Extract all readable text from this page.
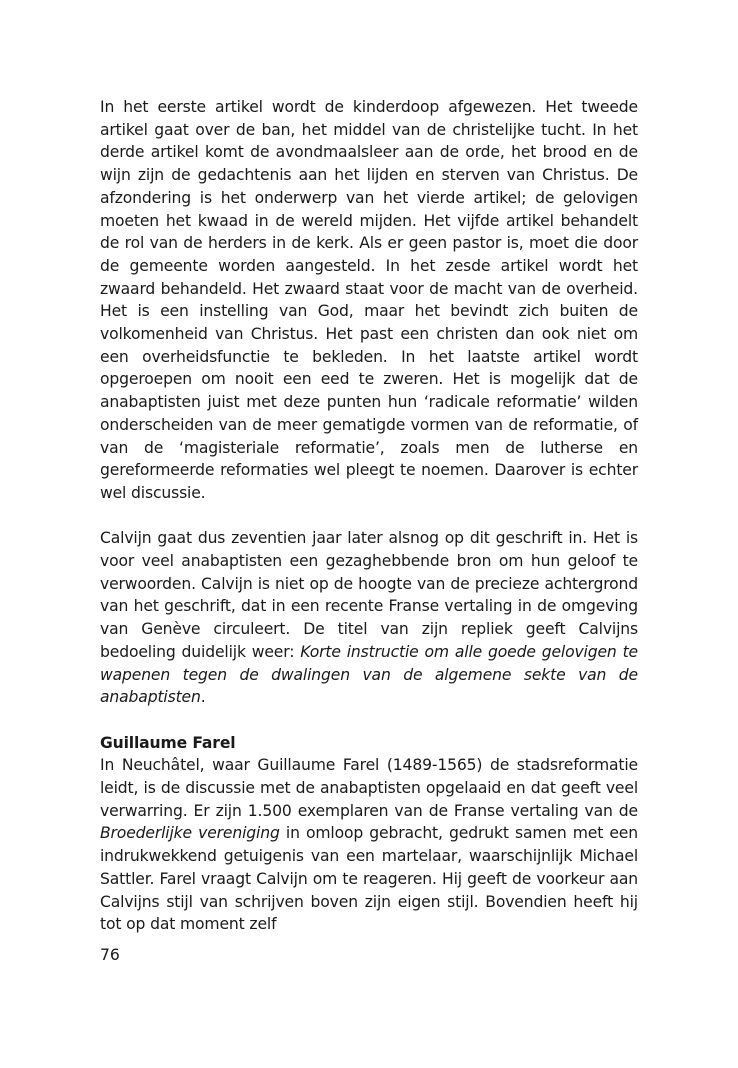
In het eerste artikel wordt de kinderdoop afgewezen. Het tweede artikel gaat over de ban, het middel van de christelijke tucht. In het derde artikel komt de avondmaalsleer aan de orde, het brood en de wijn zijn de gedachtenis aan het lijden en sterven van Christus. De afzondering is het onderwerp van het vierde artikel; de gelovigen moeten het kwaad in de wereld mijden. Het vijfde artikel behandelt de rol van de herders in de kerk. Als er geen pastor is, moet die door de gemeente worden aangesteld. In het zesde artikel wordt het zwaard behandeld. Het zwaard staat voor de macht van de overheid. Het is een instelling van God, maar het bevindt zich buiten de volkomenheid van Christus. Het past een christen dan ook niet om een overheidsfunctie te bekleden. In het laatste artikel wordt opgeroepen om nooit een eed te zweren. Het is mogelijk dat de anabaptisten juist met deze punten hun ‘radicale reformatie’ wilden onderscheiden van de meer gematigde vormen van de reformatie, of van de ‘magisteriale reformatie’, zoals men de lutherse en gereformeerde reformaties wel pleegt te noemen. Daarover is echter wel discussie.

Calvijn gaat dus zeventien jaar later alsnog op dit geschrift in. Het is voor veel anabaptisten een gezaghebbende bron om hun geloof te verwoorden. Calvijn is niet op de hoogte van de precieze achtergrond van het geschrift, dat in een recente Franse vertaling in de omgeving van Genève circuleert. De titel van zijn repliek geeft Calvijns bedoeling duidelijk weer: Korte instructie om alle goede gelovigen te wapenen tegen de dwalingen van de algemene sekte van de anabaptisten.

Guillaume Farel

In Neuchâtel, waar Guillaume Farel (1489-1565) de stadsreformatie leidt, is de discussie met de anabaptisten opgelaaid en dat geeft veel verwarring. Er zijn 1.500 exemplaren van de Franse vertaling van de Broederlijke vereniging in omloop gebracht, gedrukt samen met een indrukwekkend getuigenis van een martelaar, waarschijnlijk Michael Sattler. Farel vraagt Calvijn om te reageren. Hij geeft de voorkeur aan Calvijns stijl van schrijven boven zijn eigen stijl. Bovendien heeft hij tot op dat moment zelf

76
